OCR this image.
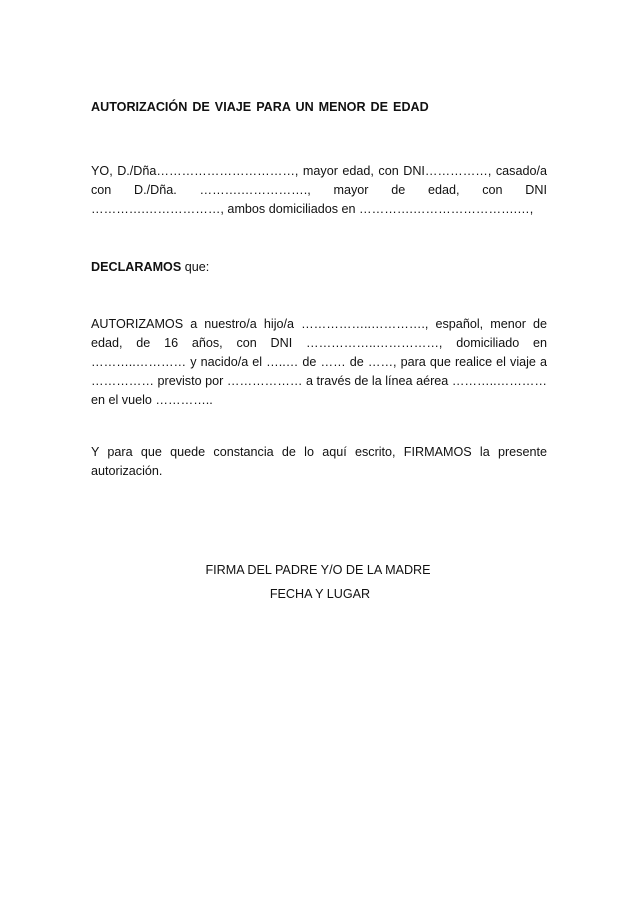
AUTORIZACIÓN DE VIAJE PARA UN MENOR DE EDAD
YO, D./Dña……………………………, mayor edad, con DNI……………, casado/a con D./Dña. ……….……………., mayor de edad, con DNI ………….………………, ambos domiciliados en ………….…………………….…,
DECLARAMOS que:
AUTORIZAMOS a nuestro/a hijo/a ……………..…………., español, menor de edad, de 16 años, con DNI ……………..……………, domiciliado en ………..………… y nacido/a el …..… de …… de ……, para que realice el viaje a …………… previsto por ……………… a través de la línea aérea ………..………… en el vuelo …………..
Y para que quede constancia de lo aquí escrito, FIRMAMOS la presente autorización.
FIRMA DEL PADRE Y/O DE LA MADRE
FECHA Y LUGAR
